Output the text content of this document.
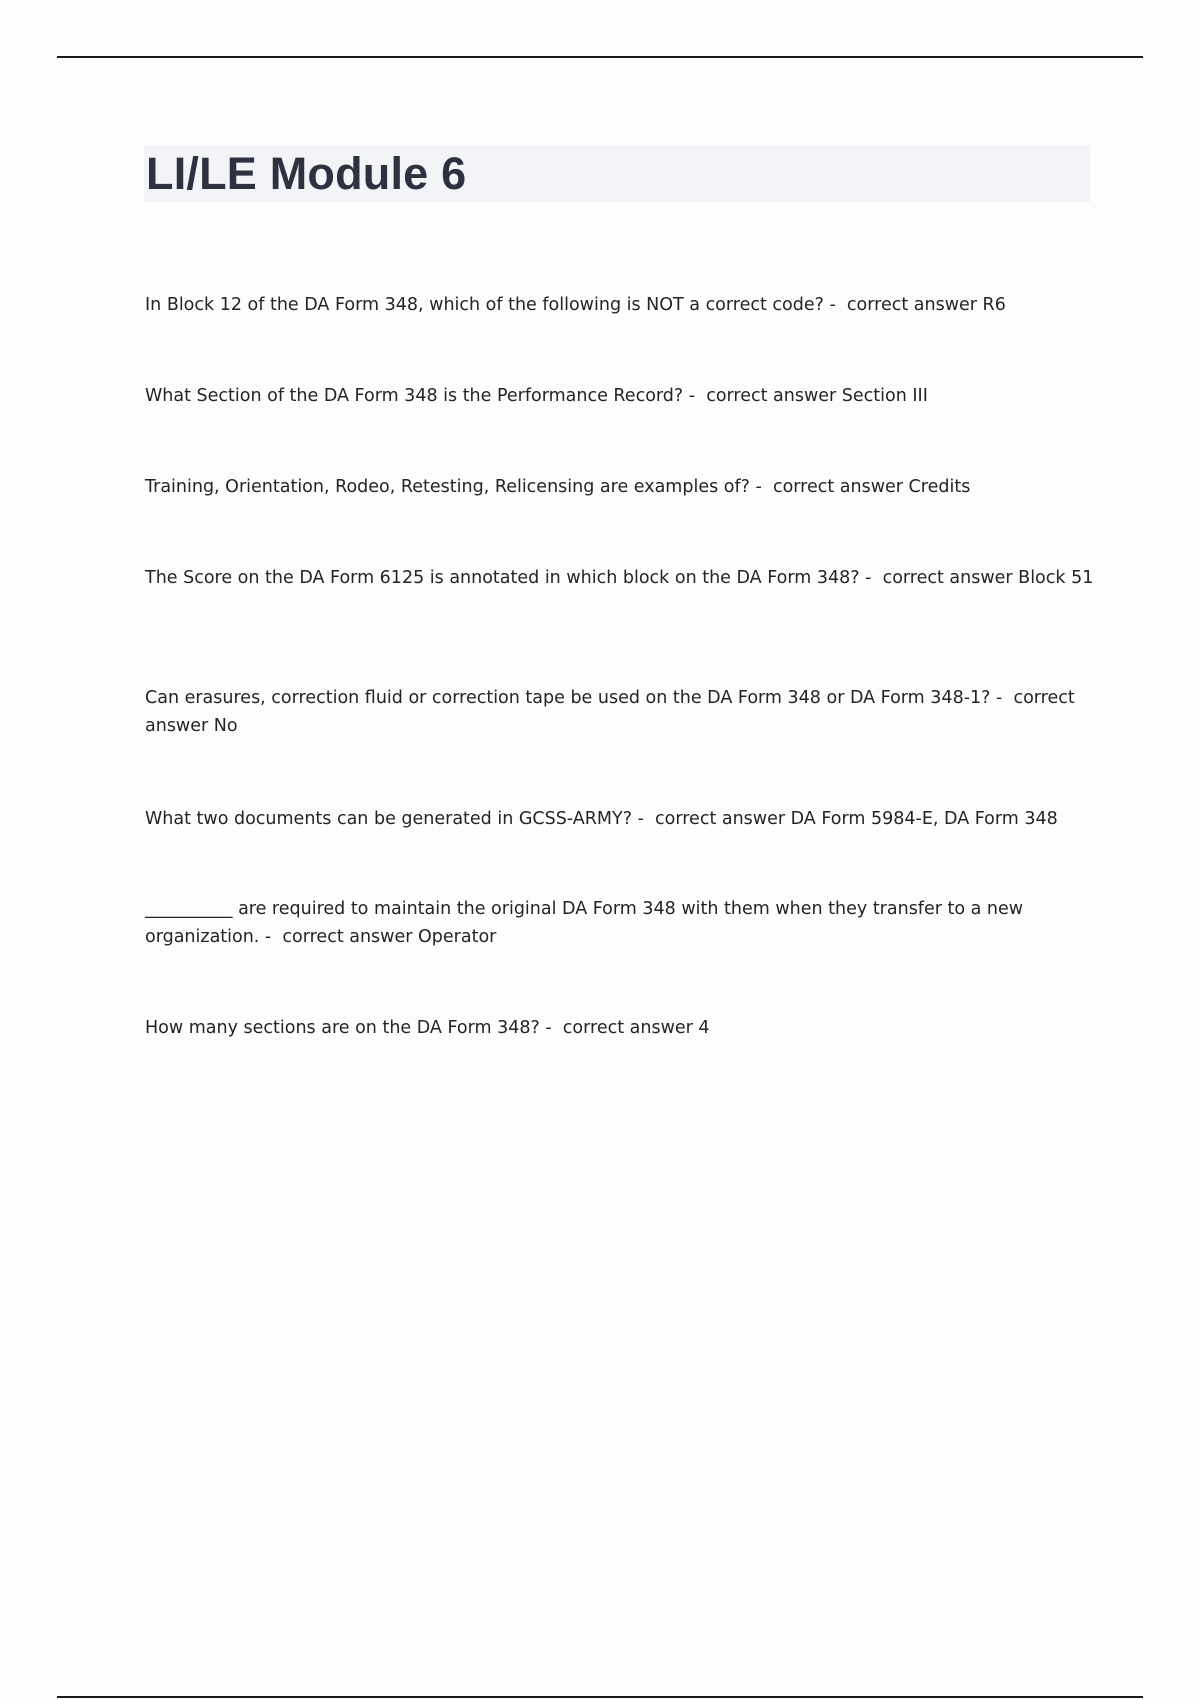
LI/LE Module 6

In Block 12 of the DA Form 348, which of the following is NOT a correct code? - correct answer R6

What Section of the DA Form 348 is the Performance Record? - correct answer Section III

Training, Orientation, Rodeo, Retesting, Relicensing are examples of? - correct answer Credits

The Score on the DA Form 6125 is annotated in which block on the DA Form 348? - correct answer Block 51

Can erasures, correction fluid or correction tape be used on the DA Form 348 or DA Form 348-1? - correct answer No

What two documents can be generated in GCSS-ARMY? - correct answer DA Form 5984-E, DA Form 348

__________ are required to maintain the original DA Form 348 with them when they transfer to a new organization. - correct answer Operator

How many sections are on the DA Form 348? - correct answer 4
